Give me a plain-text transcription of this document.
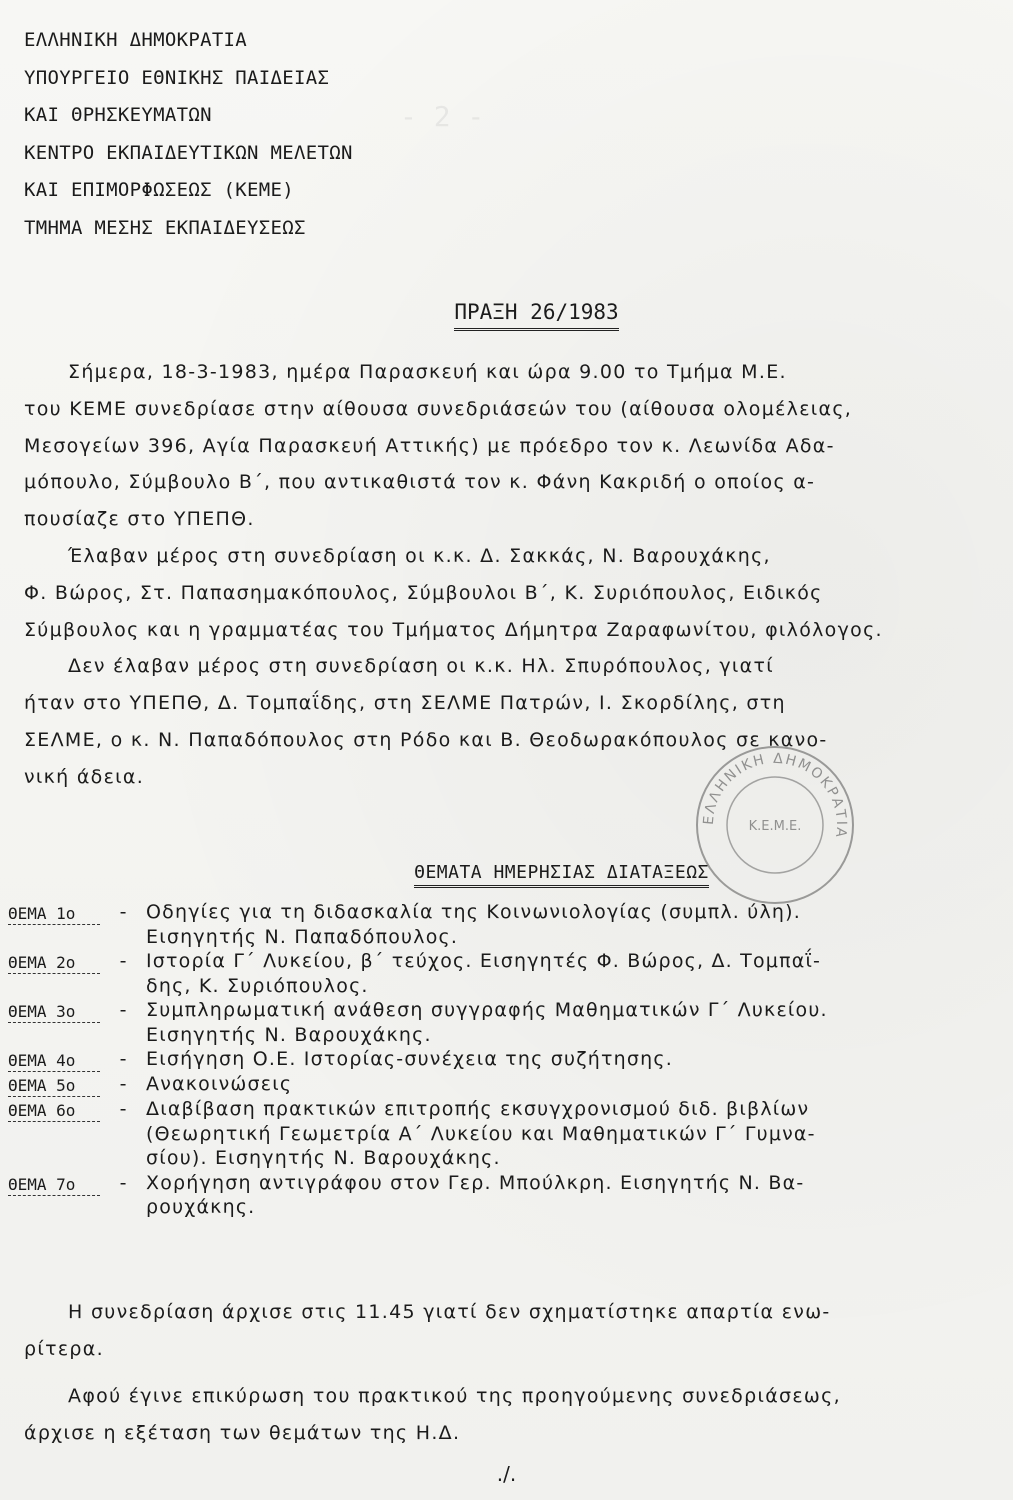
- 2 -
ΕΛΛΗΝΙΚΗ ΔΗΜΟΚΡΑΤΙΑ
ΥΠΟΥΡΓΕΙΟ ΕΘΝΙΚΗΣ ΠΑΙΔΕΙΑΣ
ΚΑΙ ΘΡΗΣΚΕΥΜΑΤΩΝ
ΚΕΝΤΡΟ ΕΚΠΑΙΔΕΥΤΙΚΩΝ ΜΕΛΕΤΩΝ
ΚΑΙ ΕΠΙΜΟΡΦΩΣΕΩΣ (ΚΕΜΕ)
ΤΜΗΜΑ ΜΕΣΗΣ ΕΚΠΑΙΔΕΥΣΕΩΣ
ΠΡΑΞΗ 26/1983
Σήμερα, 18-3-1983, ημέρα Παρασκευή και ώρα 9.00 το Τμήμα Μ.Ε.
του ΚΕΜΕ συνεδρίασε στην αίθουσα συνεδριάσεών του (αίθουσα ολομέλειας,
Μεσογείων 396, Αγία Παρασκευή Αττικής) με πρόεδρο τον κ. Λεωνίδα Αδα-
μόπουλο, Σύμβουλο Β΄, που αντικαθιστά τον κ. Φάνη Κακριδή ο οποίος α-
πουσίαζε στο ΥΠΕΠΘ.
Έλαβαν μέρος στη συνεδρίαση οι κ.κ. Δ. Σακκάς, Ν. Βαρουχάκης,
Φ. Βώρος, Στ. Παπασημακόπουλος, Σύμβουλοι Β΄, Κ. Συριόπουλος, Ειδικός
Σύμβουλος και η γραμματέας του Τμήματος Δήμητρα Ζαραφωνίτου, φιλόλογος.
Δεν έλαβαν μέρος στη συνεδρίαση οι κ.κ. Ηλ. Σπυρόπουλος, γιατί
ήταν στο ΥΠΕΠΘ, Δ. Τομπαΐδης, στη ΣΕΛΜΕ Πατρών, Ι. Σκορδίλης, στη
ΣΕΛΜΕ, ο κ. Ν. Παπαδόπουλος στη Ρόδο και Β. Θεοδωρακόπουλος σε κανο-
νική άδεια.
ΕΛΛΗΝΙΚΗ ΔΗΜΟΚΡΑΤΙΑ
Κ.Ε.Μ.Ε.
ΘΕΜΑΤΑ ΗΜΕΡΗΣΙΑΣ ΔΙΑΤΑΞΕΩΣ
ΘΕΜΑ 1ο	-	Οδηγίες για τη διδασκαλία της Κοινωνιολογίας (συμπλ. ύλη).
Εισηγητής Ν. Παπαδόπουλος.
ΘΕΜΑ 2ο	-	Ιστορία Γ΄ Λυκείου, β΄ τεύχος. Εισηγητές Φ. Βώρος, Δ. Τομπαΐ-
δης, Κ. Συριόπουλος.
ΘΕΜΑ 3ο	-	Συμπληρωματική ανάθεση συγγραφής Μαθηματικών Γ΄ Λυκείου.
Εισηγητής Ν. Βαρουχάκης.
ΘΕΜΑ 4ο	-	Εισήγηση Ο.Ε. Ιστορίας-συνέχεια της συζήτησης.
ΘΕΜΑ 5ο	-	Ανακοινώσεις
ΘΕΜΑ 6ο	-	Διαβίβαση πρακτικών επιτροπής εκσυγχρονισμού διδ. βιβλίων
(Θεωρητική Γεωμετρία Α΄ Λυκείου και Μαθηματικών Γ΄ Γυμνα-
σίου). Εισηγητής Ν. Βαρουχάκης.
ΘΕΜΑ 7ο	-	Χορήγηση αντιγράφου στον Γερ. Μπούλκρη. Εισηγητής Ν. Βα-
ρουχάκης.
Η συνεδρίαση άρχισε στις 11.45 γιατί δεν σχηματίστηκε απαρτία ενω-
ρίτερα.
Αφού έγινε επικύρωση του πρακτικού της προηγούμενης συνεδριάσεως,
άρχισε η εξέταση των θεμάτων της Η.Δ.
./.
